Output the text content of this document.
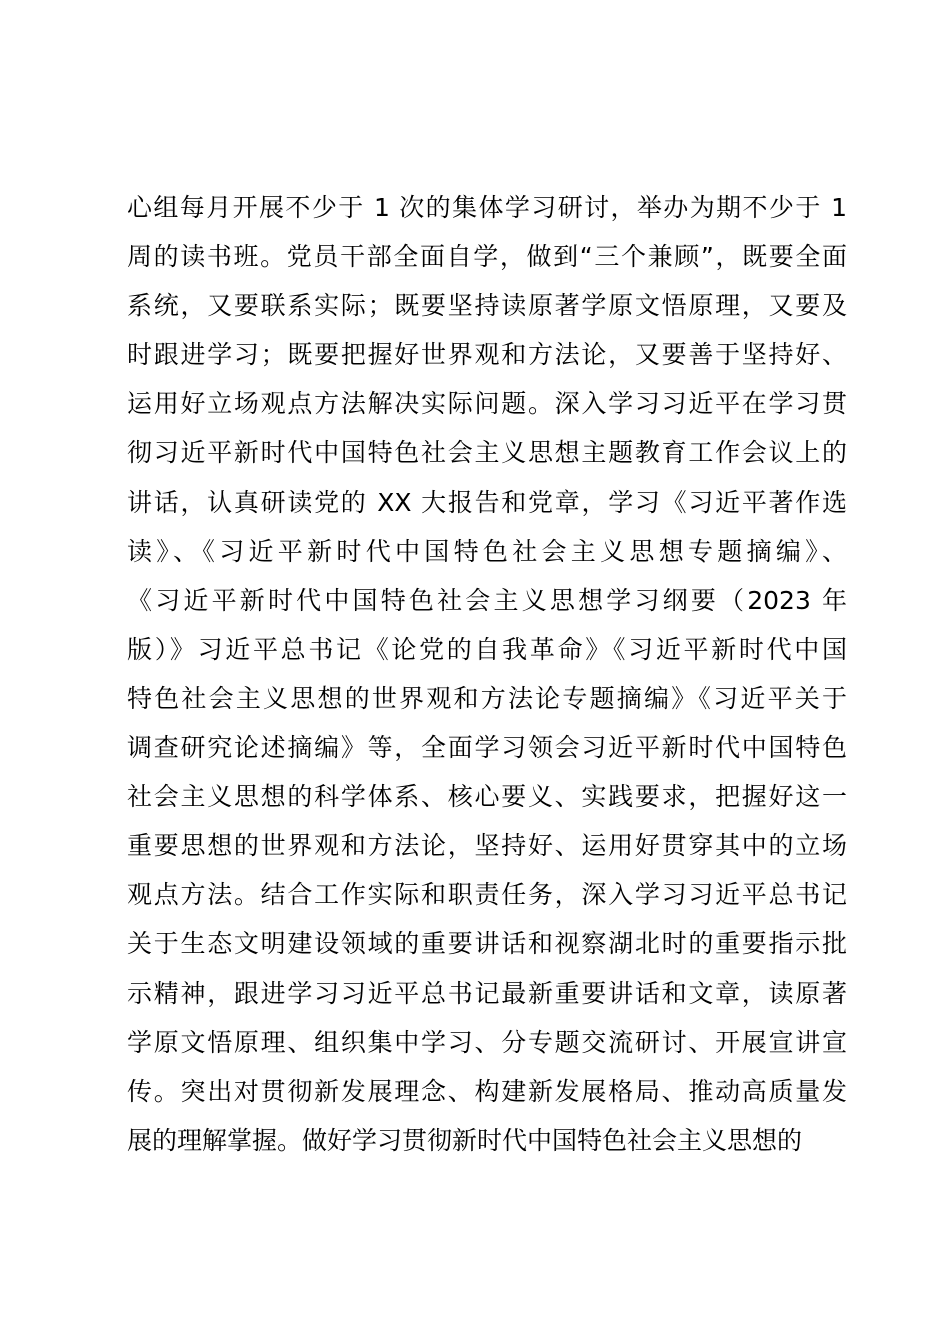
心组每月开展不少于 1 次的集体学习研讨，举办为期不少于 1
周的读书班。党员干部全面自学，做到“三个兼顾”，既要全面
系统，又要联系实际；既要坚持读原著学原文悟原理，又要及
时跟进学习；既要把握好世界观和方法论，又要善于坚持好、
运用好立场观点方法解决实际问题。深入学习习近平在学习贯
彻习近平新时代中国特色社会主义思想主题教育工作会议上的
讲话，认真研读党的 XX 大报告和党章，学习《习近平著作选
读》、《习近平新时代中国特色社会主义思想专题摘编》、
《习近平新时代中国特色社会主义思想学习纲要（2023 年
版）》习近平总书记《论党的自我革命》《习近平新时代中国
特色社会主义思想的世界观和方法论专题摘编》《习近平关于
调查研究论述摘编》等，全面学习领会习近平新时代中国特色
社会主义思想的科学体系、核心要义、实践要求，把握好这一
重要思想的世界观和方法论，坚持好、运用好贯穿其中的立场
观点方法。结合工作实际和职责任务，深入学习习近平总书记
关于生态文明建设领域的重要讲话和视察湖北时的重要指示批
示精神，跟进学习习近平总书记最新重要讲话和文章，读原著
学原文悟原理、组织集中学习、分专题交流研讨、开展宣讲宣
传。突出对贯彻新发展理念、构建新发展格局、推动高质量发
展的理解掌握。做好学习贯彻新时代中国特色社会主义思想的
